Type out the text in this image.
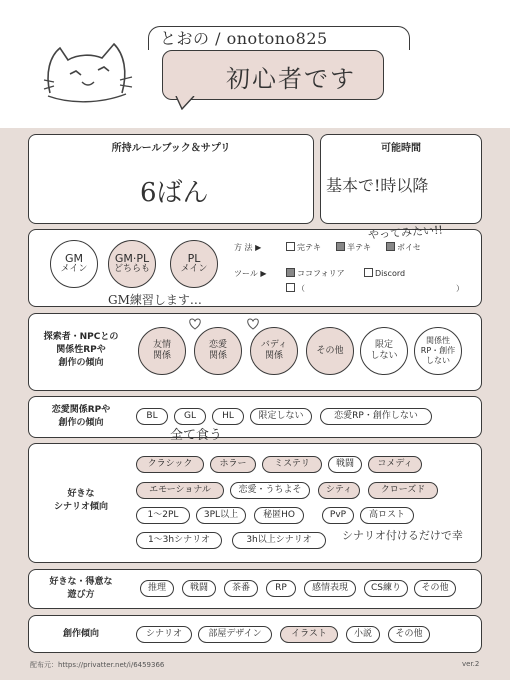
とおの / onotono825
初心者です
所持ルールブック＆サプリ
6ばん
可能時間
基本で!時以降
GM
メイン
GM·PL
どちらも
PL
メイン
方 法 ▶	完テキ	半テキ	ボイセ
やってみたい!!
ツール ▶	ココフォリア	Discord
（	）
GM練習します…
探索者・NPCとの
関係性RPや
創作の傾向
友情
関係
恋愛
関係
バディ
関係
その他
限定
しない
関係性
RP・創作
しない
恋愛関係RPや
創作の傾向
BL	GL	HL	限定しない	恋愛RP・創作しない
全て食う
好きな
シナリオ傾向
クラシック	ホラー	ミステリ	戦闘	コメディ
エモーショナル	恋愛・うちよそ	シティ	クローズド
1〜2PL	3PL以上	秘匿HO	PvP	高ロスト
1〜3hシナリオ	3h以上シナリオ	シナリオ付けるだけで幸
好きな・得意な
遊び方
推理	戦闘	茶番	RP	感情表現	CS練り	その他
創作傾向	シナリオ	部屋デザイン	イラスト	小説	その他
配布元：https://privatter.net/i/6459366	ver.2
